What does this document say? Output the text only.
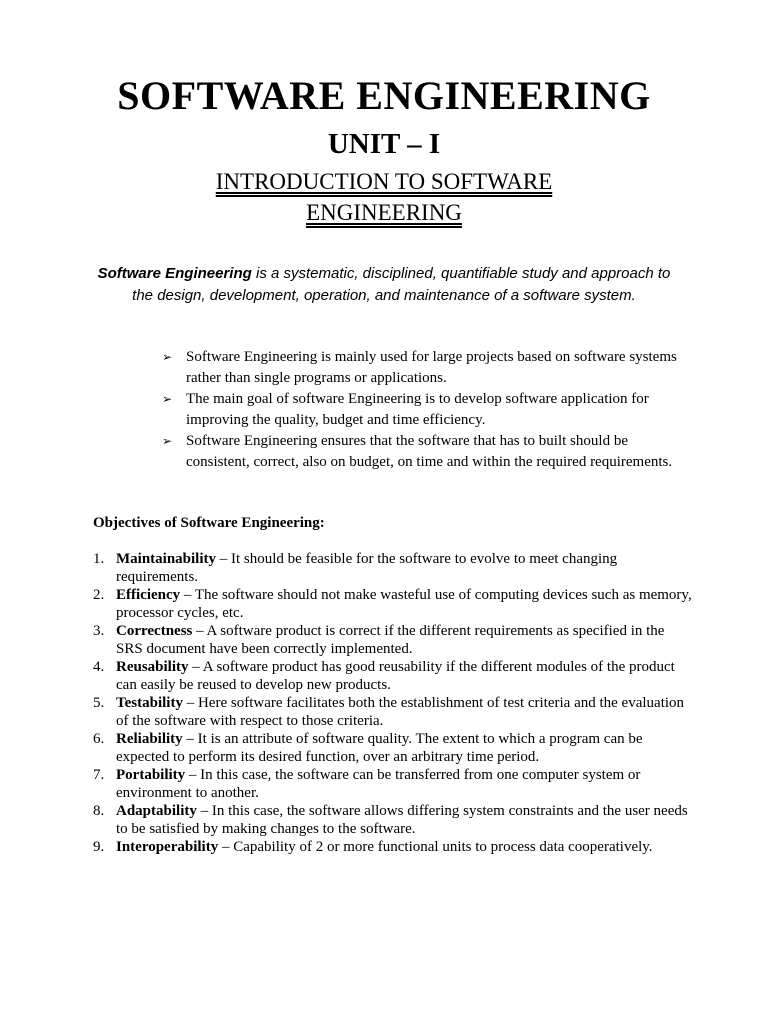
SOFTWARE ENGINEERING
UNIT – I
INTRODUCTION TO SOFTWARE
ENGINEERING
Software Engineering is a systematic, disciplined, quantifiable study and approach to the design, development, operation, and maintenance of a software system.
➢ Software Engineering is mainly used for large projects based on software systems rather than single programs or applications.
➢ The main goal of software Engineering is to develop software application for improving the quality, budget and time efficiency.
➢ Software Engineering ensures that the software that has to built should be consistent, correct, also on budget, on time and within the required requirements.
Objectives of Software Engineering:
1. Maintainability – It should be feasible for the software to evolve to meet changing requirements.
2. Efficiency – The software should not make wasteful use of computing devices such as memory, processor cycles, etc.
3. Correctness – A software product is correct if the different requirements as specified in the SRS document have been correctly implemented.
4. Reusability – A software product has good reusability if the different modules of the product can easily be reused to develop new products.
5. Testability – Here software facilitates both the establishment of test criteria and the evaluation of the software with respect to those criteria.
6. Reliability – It is an attribute of software quality. The extent to which a program can be expected to perform its desired function, over an arbitrary time period.
7. Portability – In this case, the software can be transferred from one computer system or environment to another.
8. Adaptability – In this case, the software allows differing system constraints and the user needs to be satisfied by making changes to the software.
9. Interoperability – Capability of 2 or more functional units to process data cooperatively.
